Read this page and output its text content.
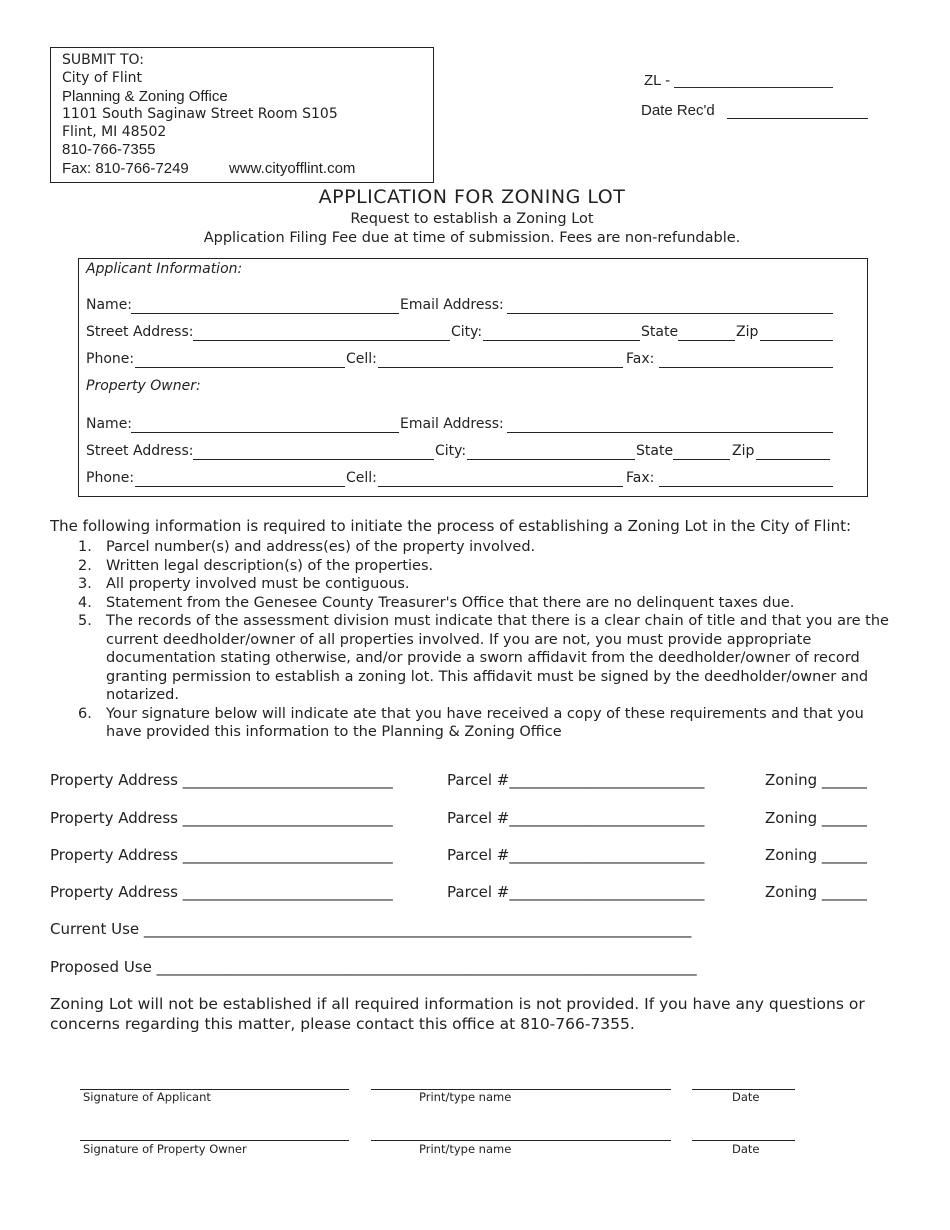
SUBMIT TO:
City of Flint
Planning & Zoning Office
1101 South Saginaw Street Room S105
Flint, MI 48502
810-766-7355
Fax: 810-766-7249	www.cityofflint.com
ZL - ___________________
Date Rec'd
APPLICATION FOR ZONING LOT
Request to establish a Zoning Lot
Application Filing Fee due at time of submission. Fees are non-refundable.
Applicant Information:
Name:	Email Address:
Street Address:	City:	State	Zip
Phone:	Cell:	Fax:
Property Owner:
Name:	Email Address:
Street Address:	City:	State	Zip
Phone:	Cell:	Fax:
The following information is required to initiate the process of establishing a Zoning Lot in the City of Flint:
1. Parcel number(s) and address(es) of the property involved.
2. Written legal description(s) of the properties.
3. All property involved must be contiguous.
4. Statement from the Genesee County Treasurer's Office that there are no delinquent taxes due.
5. The records of the assessment division must indicate that there is a clear chain of title and that you are the current deedholder/owner of all properties involved. If you are not, you must provide appropriate documentation stating otherwise, and/or provide a sworn affidavit from the deedholder/owner of record granting permission to establish a zoning lot. This affidavit must be signed by the deedholder/owner and notarized.
6. Your signature below will indicate ate that you have received a copy of these requirements and that you have provided this information to the Planning & Zoning Office
Property Address ____________________________	Parcel #__________________________	Zoning ______
Property Address ____________________________	Parcel #__________________________	Zoning ______
Property Address ____________________________	Parcel #__________________________	Zoning ______
Property Address ____________________________	Parcel #__________________________	Zoning ______
Current Use _________________________________________________________________________
Proposed Use ________________________________________________________________________
Zoning Lot will not be established if all required information is not provided. If you have any questions or concerns regarding this matter, please contact this office at 810-766-7355.
Signature of Applicant	Print/type name	Date
Signature of Property Owner	Print/type name	Date
